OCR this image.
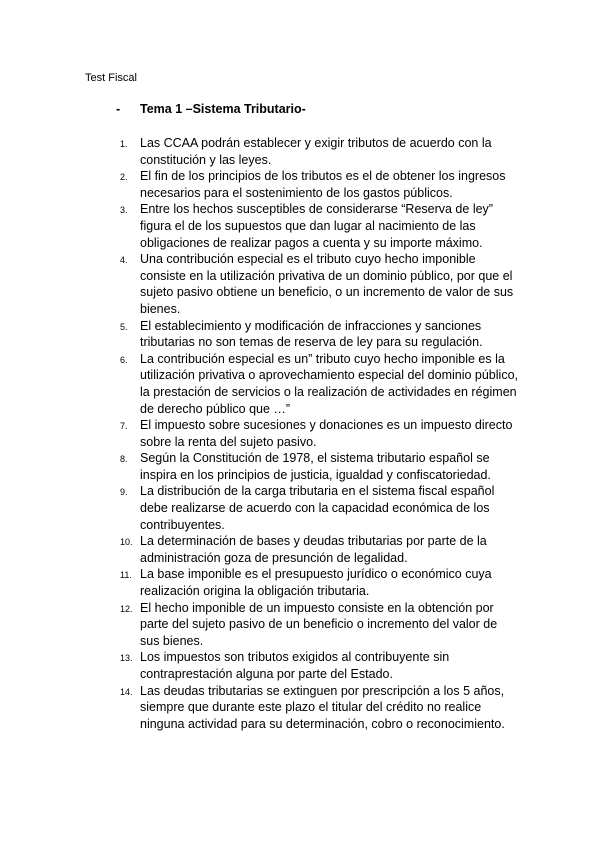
Test Fiscal
- Tema 1 –Sistema Tributario-
1. Las CCAA podrán establecer y exigir tributos de acuerdo con la constitución y las leyes.
2. El fin de los principios de los tributos es el de obtener los ingresos necesarios para el sostenimiento de los gastos públicos.
3. Entre los hechos susceptibles de considerarse “Reserva de ley” figura el de los supuestos que dan lugar al nacimiento de las obligaciones de realizar pagos a cuenta y su importe máximo.
4. Una contribución especial es el tributo cuyo hecho imponible consiste en la utilización privativa de un dominio público, por que el sujeto pasivo obtiene un beneficio, o un incremento de valor de sus bienes.
5. El establecimiento y modificación de infracciones y sanciones tributarias no son temas de reserva de ley para su regulación.
6. La contribución especial es un” tributo cuyo hecho imponible es la utilización privativa o aprovechamiento especial del dominio público, la prestación de servicios o la realización de actividades en régimen de derecho público que …”
7. El impuesto sobre sucesiones y donaciones es un impuesto directo sobre la renta del sujeto pasivo.
8. Según la Constitución de 1978, el sistema tributario español se inspira en los principios de justicia, igualdad y confiscatoriedad.
9. La distribución de la carga tributaria en el sistema fiscal español debe realizarse de acuerdo con la capacidad económica de los contribuyentes.
10. La determinación de bases y deudas tributarias por parte de la administración goza de presunción de legalidad.
11. La base imponible es el presupuesto jurídico o económico cuya realización origina la obligación tributaria.
12. El hecho imponible de un impuesto consiste en la obtención por parte del sujeto pasivo de un beneficio o incremento del valor de sus bienes.
13. Los impuestos son tributos exigidos al contribuyente sin contraprestación alguna por parte del Estado.
14. Las deudas tributarias se extinguen por prescripción a los 5 años, siempre que durante este plazo el titular del crédito no realice ninguna actividad para su determinación, cobro o reconocimiento.
